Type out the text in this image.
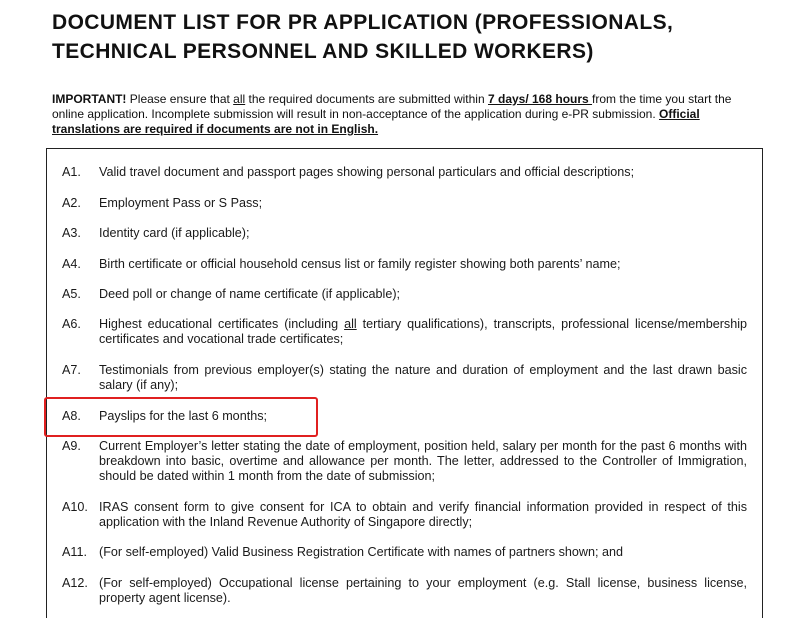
DOCUMENT LIST FOR PR APPLICATION (PROFESSIONALS,
TECHNICAL PERSONNEL AND SKILLED WORKERS)
IMPORTANT! Please ensure that all the required documents are submitted within 7 days/ 168 hours from the time you start the online application. Incomplete submission will result in non-acceptance of the application during e-PR submission. Official translations are required if documents are not in English.
A1. Valid travel document and passport pages showing personal particulars and official descriptions;
A2. Employment Pass or S Pass;
A3. Identity card (if applicable);
A4. Birth certificate or official household census list or family register showing both parents’ name;
A5. Deed poll or change of name certificate (if applicable);
A6. Highest educational certificates (including all tertiary qualifications), transcripts, professional license/membership certificates and vocational trade certificates;
A7. Testimonials from previous employer(s) stating the nature and duration of employment and the last drawn basic salary (if any);
A8. Payslips for the last 6 months;
A9. Current Employer’s letter stating the date of employment, position held, salary per month for the past 6 months with breakdown into basic, overtime and allowance per month. The letter, addressed to the Controller of Immigration, should be dated within 1 month from the date of submission;
A10. IRAS consent form to give consent for ICA to obtain and verify financial information provided in respect of this application with the Inland Revenue Authority of Singapore directly;
A11. (For self-employed) Valid Business Registration Certificate with names of partners shown; and
A12. (For self-employed) Occupational license pertaining to your employment (e.g. Stall license, business license, property agent license).
